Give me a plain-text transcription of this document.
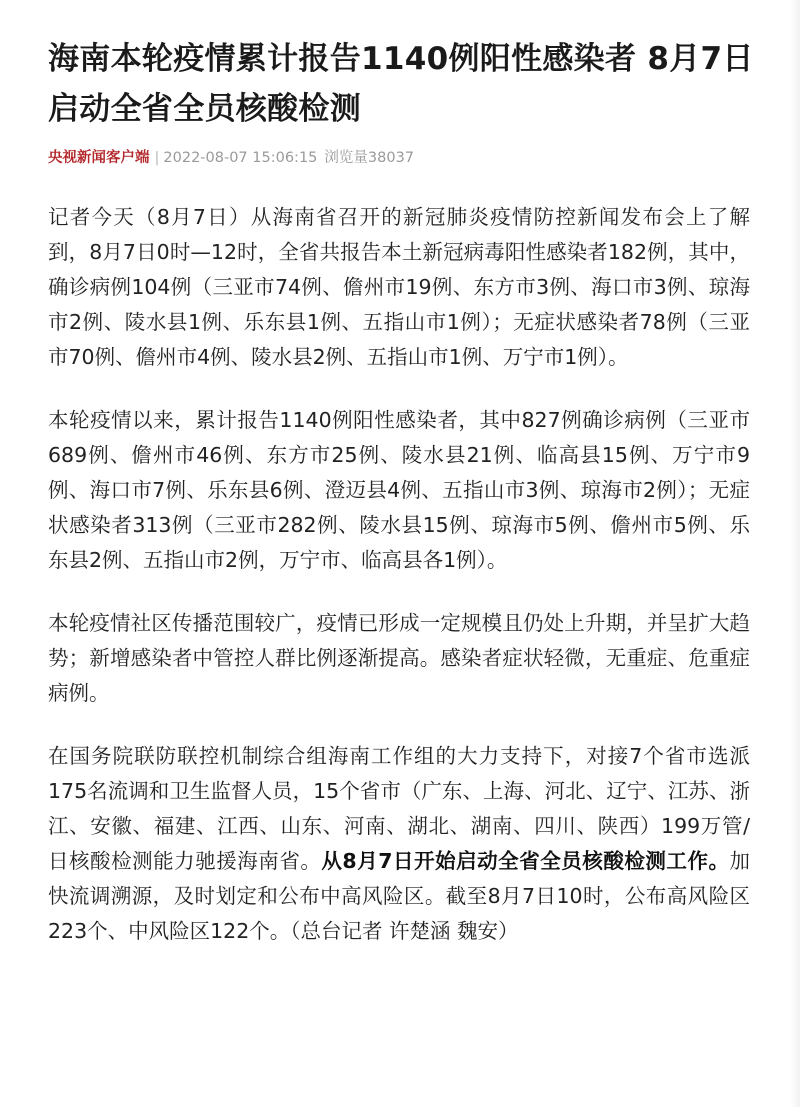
海南本轮疫情累计报告1140例阳性感染者 8月7日启动全省全员核酸检测
央视新闻客户端 | 2022-08-07 15:06:15 浏览量38037

记者今天（8月7日）从海南省召开的新冠肺炎疫情防控新闻发布会上了解到，8月7日0时—12时，全省共报告本土新冠病毒阳性感染者182例，其中，确诊病例104例（三亚市74例、儋州市19例、东方市3例、海口市3例、琼海市2例、陵水县1例、乐东县1例、五指山市1例）；无症状感染者78例（三亚市70例、儋州市4例、陵水县2例、五指山市1例、万宁市1例）。

本轮疫情以来，累计报告1140例阳性感染者，其中827例确诊病例（三亚市689例、儋州市46例、东方市25例、陵水县21例、临高县15例、万宁市9例、海口市7例、乐东县6例、澄迈县4例、五指山市3例、琼海市2例）；无症状感染者313例（三亚市282例、陵水县15例、琼海市5例、儋州市5例、乐东县2例、五指山市2例，万宁市、临高县各1例）。

本轮疫情社区传播范围较广，疫情已形成一定规模且仍处上升期，并呈扩大趋势；新增感染者中管控人群比例逐渐提高。感染者症状轻微，无重症、危重症病例。

在国务院联防联控机制综合组海南工作组的大力支持下，对接7个省市选派175名流调和卫生监督人员，15个省市（广东、上海、河北、辽宁、江苏、浙江、安徽、福建、江西、山东、河南、湖北、湖南、四川、陕西）199万管/日核酸检测能力驰援海南省。从8月7日开始启动全省全员核酸检测工作。加快流调溯源，及时划定和公布中高风险区。截至8月7日10时，公布高风险区223个、中风险区122个。（总台记者 许楚涵 魏安）
